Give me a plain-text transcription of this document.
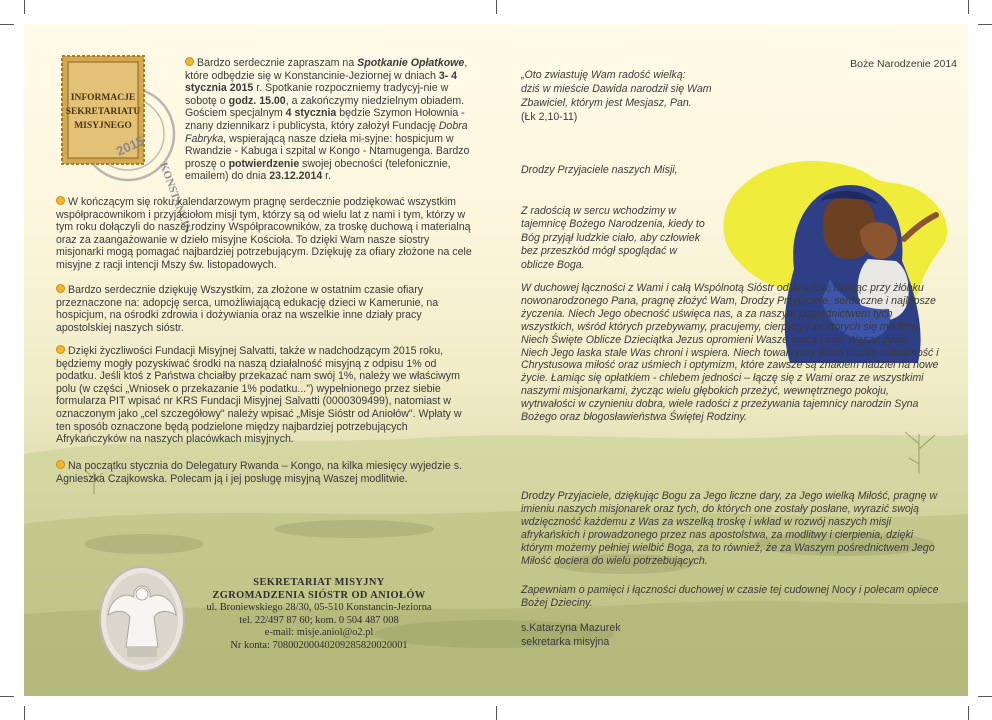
INFORMACJE
SEKRETARIATU
MISYJNEGO
2015
KONSTANCIN

Bardzo serdecznie zapraszam na Spotkanie Opłatkowe, które odbędzie się w Konstancinie-Jeziornej w dniach 3- 4 stycznia 2015 r. Spotkanie rozpoczniemy tradycyj-nie w sobotę o godz. 15.00, a zakończymy niedzielnym obiadem. Gościem specjalnym 4 stycznia będzie Szymon Hołownia - znany dziennikarz i publicysta, który założył Fundację Dobra Fabryka, wspierającą nasze dzieła mi-syjne: hospicjum w Rwandzie - Kabuga i szpital w Kongo - Ntamugenga. Bardzo proszę o potwierdzenie swojej obecności (telefonicznie, emailem) do dnia 23.12.2014 r.

W kończącym się roku kalendarzowym pragnę serdecznie podziękować wszystkim współpracownikom i przyjaciołom misji tym, którzy są od wielu lat z nami i tym, którzy w tym roku dołączyli do naszej rodziny Współpracowników, za troskę duchową i materialną oraz za zaangażowanie w dzieło misyjne Kościoła. To dzięki Wam nasze siostry misjonarki mogą pomagać najbardziej potrzebującym. Dziękuję za ofiary złożone na cele misyjne z racji intencji Mszy św. listopadowych.

Bardzo serdecznie dziękuję Wszystkim, za złożone w ostatnim czasie ofiary przeznaczone na: adopcję serca, umożliwiającą edukację dzieci w Kamerunie, na hospicjum, na ośrodki zdrowia i dożywiania oraz na wszelkie inne działy pracy apostolskiej naszych sióstr.

Dzięki życzliwości Fundacji Misyjnej Salvatti, także w nadchodzącym 2015 roku, będziemy mogły pozyskiwać środki na naszą działalność misyjną z odpisu 1% od podatku. Jeśli ktoś z Państwa chciałby przekazać nam swój 1%, należy we właściwym polu (w części „Wniosek o przekazanie 1% podatku...") wypełnionego przez siebie formularza PIT wpisać nr KRS Fundacji Misyjnej Salvatti (0000309499), natomiast w oznaczonym jako „cel szczegółowy" należy wpisać „Misje Sióstr od Aniołów". Wpłaty w ten sposób oznaczone będą podzielone między najbardziej potrzebujących Afrykańczyków na naszych placówkach misyjnych.

Na początku stycznia do Delegatury Rwanda – Kongo, na kilka miesięcy wyjedzie s. Agnieszka Czajkowska. Polecam ją i jej posługę misyjną Waszej modlitwie.

SEKRETARIAT MISYJNY
ZGROMADZENIA SIÓSTR OD ANIOŁÓW
ul. Broniewskiego 28/30, 05-510 Konstancin-Jeziorna
tel. 22/497 87 60; kom. 0 504 487 008
e-mail: misje.aniol@o2.pl
Nr konta: 70800200040209285820020001
Boże Narodzenie 2014

„Oto zwiastuję Wam radość wielką:

dziś w mieście Dawida narodził się Wam

Zbawiciel, którym jest Mesjasz, Pan.

(Łk 2,10-11)

Drodzy Przyjaciele naszych Misji,

Z radością w sercu wchodzimy w tajemnicę Bożego Narodzenia, kiedy to Bóg przyjął ludzkie ciało, aby człowiek bez przeszkód mógł spoglądać w oblicze Boga.

W duchowej łączności z Wami i całą Wspólnotą Sióstr od Aniołów, trwając przy żłóbku nowonarodzonego Pana, pragnę złożyć Wam, Drodzy Przyjaciele, serdeczne i najlepsze życzenia. Niech Jego obecność uświęca nas, a za naszym pośrednictwem tych wszystkich, wśród których przebywamy, pracujemy, cierpimy i za których się modlimy. Niech Święte Oblicze Dzieciątka Jezus opromieni Wasze serca i całe Wasze życie. Niech Jego łaska stale Was chroni i wspiera. Niech towarzyszy Wam ludzka solidarność i Chrystusowa miłość oraz uśmiech i optymizm, które zawsze są znakiem nadziei na nowe życie. Łamiąc się opłatkiem - chlebem jedności – łączę się z Wami oraz ze wszystkimi naszymi misjonarkami, życząc wielu głębokich przeżyć, wewnętrznego pokoju, wytrwałości w czynieniu dobra, wiele radości z przeżywania tajemnicy narodzin Syna Bożego oraz błogosławieństwa Świętej Rodziny.

Drodzy Przyjaciele, dziękując Bogu za Jego liczne dary, za Jego wielką Miłość, pragnę w imieniu naszych misjonarek oraz tych, do których one zostały posłane, wyrazić swoją wdzięczność każdemu z Was za wszelką troskę i wkład w rozwój naszych misji afrykańskich i prowadzonego przez nas apostolstwa, za modlitwy i cierpienia, dzięki którym możemy pełniej wielbić Boga, za to również, że za Waszym pośrednictwem Jego Miłość dociera do wielu potrzebujących.

Zapewniam o pamięci i łączności duchowej w czasie tej cudownej Nocy i polecam opiece Bożej Dzieciny.

s.Katarzyna Mazurek

sekretarka misyjna
